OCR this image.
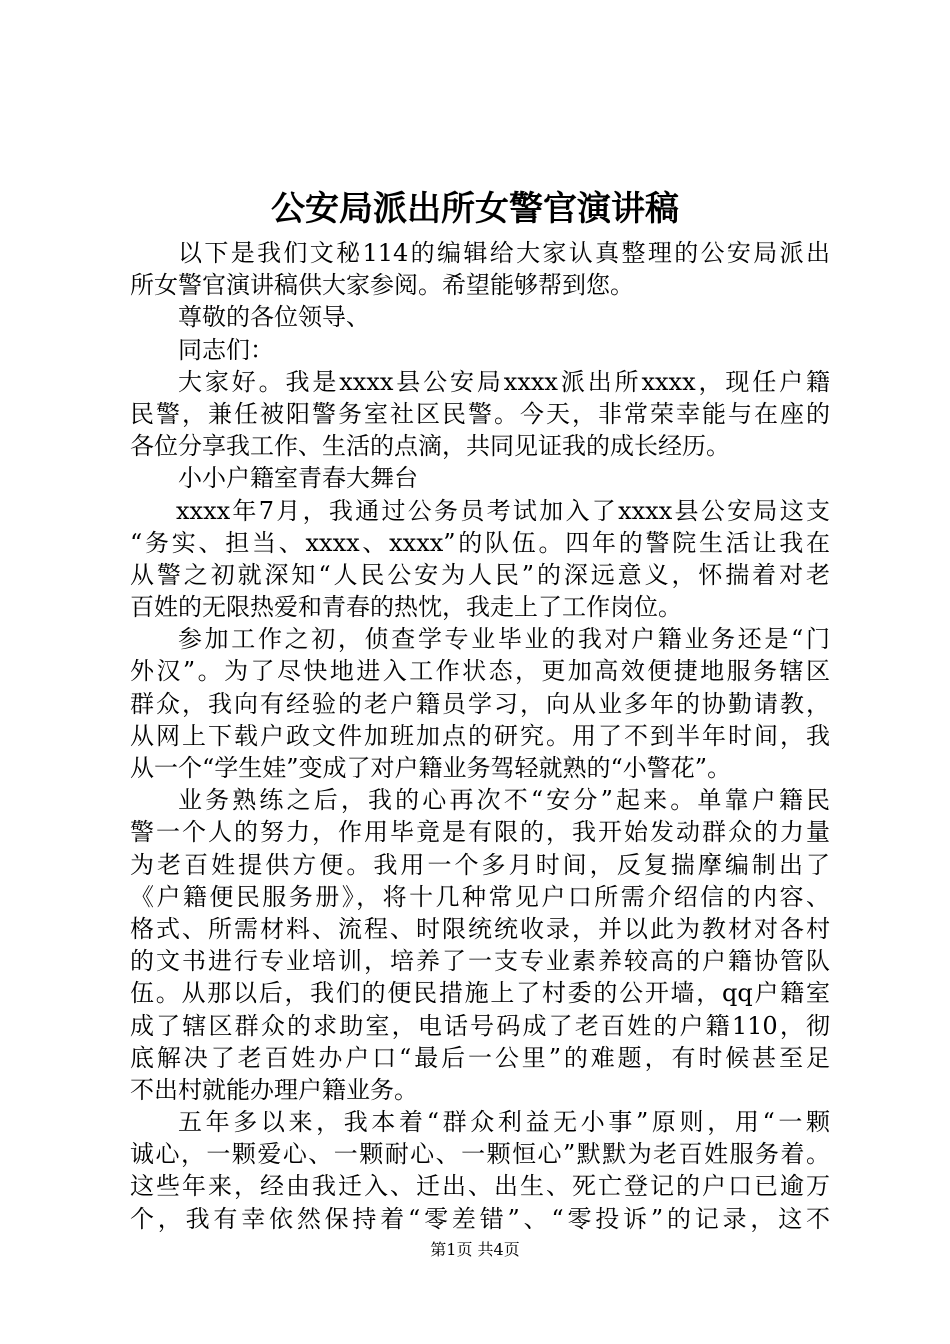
公安局派出所女警官演讲稿
以下是我们文秘114的编辑给大家认真整理的公安局派出
所女警官演讲稿供大家参阅。希望能够帮到您。
尊敬的各位领导、
同志们：
大家好。我是xxxx县公安局xxxx派出所xxxx，现任户籍
民警，兼任被阳警务室社区民警。今天，非常荣幸能与在座的
各位分享我工作、生活的点滴，共同见证我的成长经历。
小小户籍室青春大舞台
xxxx年7月，我通过公务员考试加入了xxxx县公安局这支
“务实、担当、xxxx、xxxx”的队伍。四年的警院生活让我在
从警之初就深知“人民公安为人民”的深远意义，怀揣着对老
百姓的无限热爱和青春的热忱，我走上了工作岗位。
参加工作之初，侦查学专业毕业的我对户籍业务还是“门
外汉”。为了尽快地进入工作状态，更加高效便捷地服务辖区
群众，我向有经验的老户籍员学习，向从业多年的协勤请教，
从网上下载户政文件加班加点的研究。用了不到半年时间，我
从一个“学生娃”变成了对户籍业务驾轻就熟的“小警花”。
业务熟练之后，我的心再次不“安分”起来。单靠户籍民
警一个人的努力，作用毕竟是有限的，我开始发动群众的力量
为老百姓提供方便。我用一个多月时间，反复揣摩编制出了
《户籍便民服务册》，将十几种常见户口所需介绍信的内容、
格式、所需材料、流程、时限统统收录，并以此为教材对各村
的文书进行专业培训，培养了一支专业素养较高的户籍协管队
伍。从那以后，我们的便民措施上了村委的公开墙，qq户籍室
成了辖区群众的求助室，电话号码成了老百姓的户籍110，彻
底解决了老百姓办户口“最后一公里”的难题，有时候甚至足
不出村就能办理户籍业务。
五年多以来，我本着“群众利益无小事”原则，用“一颗
诚心，一颗爱心、一颗耐心、一颗恒心”默默为老百姓服务着。
这些年来，经由我迁入、迁出、出生、死亡登记的户口已逾万
个，我有幸依然保持着“零差错”、“零投诉”的记录，这不
第1页 共4页
